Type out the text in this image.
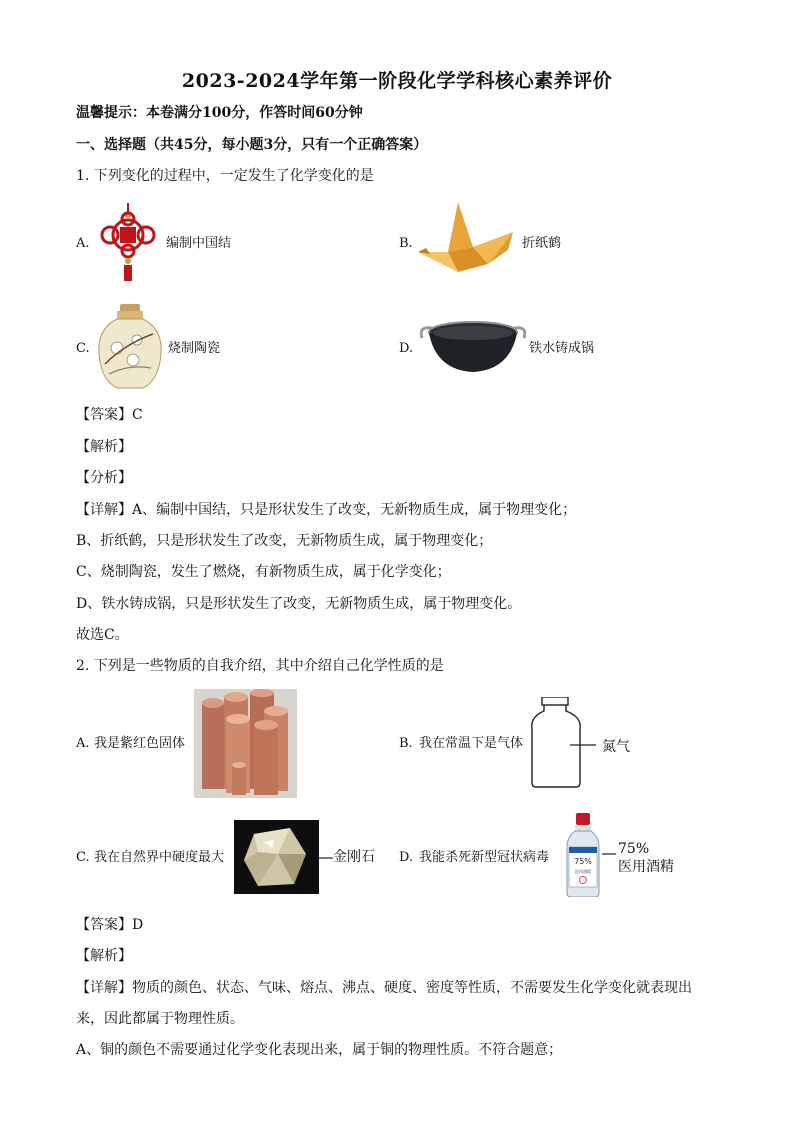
2023-2024学年第一阶段化学学科核心素养评价
温馨提示：本卷满分100分，作答时间60分钟
一、选择题（共45分，每小题3分，只有一个正确答案）
1. 下列变化的过程中，一定发生了化学变化的是
A.	编制中国结	B.	折纸鹤
C.	烧制陶瓷	D.	铁水铸成锅
【答案】C
【解析】
【分析】
【详解】A、编制中国结，只是形状发生了改变，无新物质生成，属于物理变化；
B、折纸鹤，只是形状发生了改变，无新物质生成，属于物理变化；
C、烧制陶瓷，发生了燃烧，有新物质生成，属于化学变化；
D、铁水铸成锅，只是形状发生了改变，无新物质生成，属于物理变化。
故选C。
2. 下列是一些物质的自我介绍，其中介绍自己化学性质的是
A. 我是紫红色固体	B. 我在常温下是气体	氮气
C. 我在自然界中硬度最大	金刚石 D. 我能杀死新型冠状病毒	75%
医用酒精
75%
医用酒精
【答案】D
【解析】
【详解】物质的颜色、状态、气味、熔点、沸点、硬度、密度等性质，不需要发生化学变化就表现出
来，因此都属于物理性质。
A、铜的颜色不需要通过化学变化表现出来，属于铜的物理性质。不符合题意；
